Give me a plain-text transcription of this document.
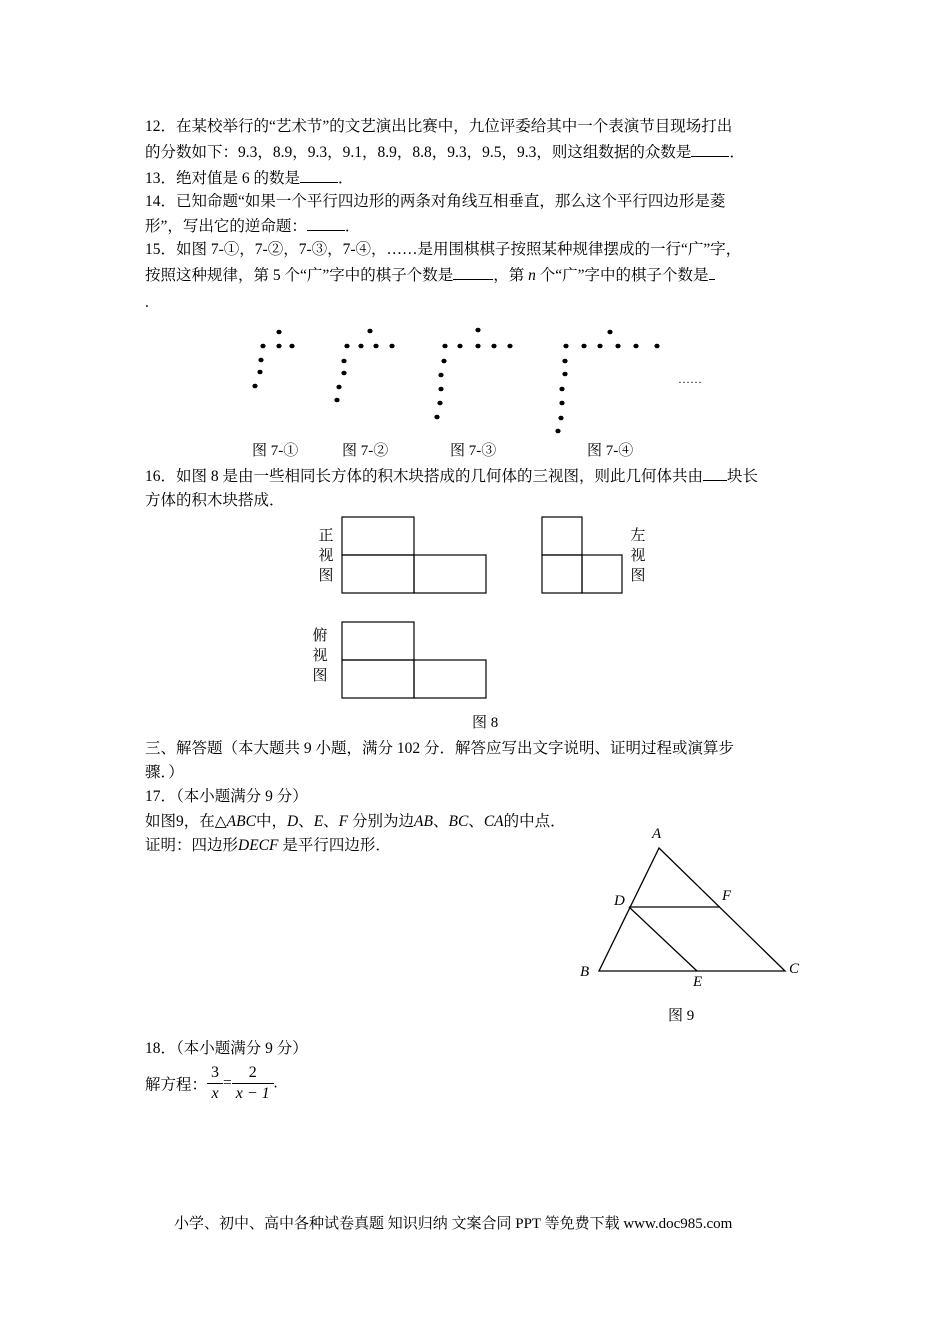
12．在某校举行的“艺术节”的文艺演出比赛中，九位评委给其中一个表演节目现场打出
的分数如下：9.3，8.9，9.3，9.1，8.9，8.8，9.3，9.5，9.3，则这组数据的众数是 ．
13．绝对值是 6 的数是 ．
14．已知命题“如果一个平行四边形的两条对角线互相垂直，那么这个平行四边形是菱
形”，写出它的逆命题： ．
15．如图 7-①，7-②，7-③，7-④，……是用围棋棋子按照某种规律摆成的一行“广”字，
按照这种规律，第 5 个“广”字中的棋子个数是	，第 n 个“广”字中的棋子个数是
.
图 7-①	图 7-②	图 7-③	图 7-④
……
16．如图 8 是由一些相同长方体的积木块搭成的几何体的三视图，则此几何体共由 块长
方体的积木块搭成．
正
视
图
左
视
图
俯
视
图
图 8
三、解答题（本大题共 9 小题，满分 102 分．解答应写出文字说明、证明过程或演算步
骤．）
17．（本小题满分 9 分）
如图9，在△ABC中，D、E、F 分别为边AB、BC、CA的中点．
证明：四边形DECF 是平行四边形．
A
D	F
B	C
E
图 9
18．（本小题满分 9 分）
解方程： $\frac{3}{x} = \frac{2}{x - 1}$ .
小学、初中、高中各种试卷真题 知识归纳 文案合同 PPT 等免费下载 www.doc985.com
